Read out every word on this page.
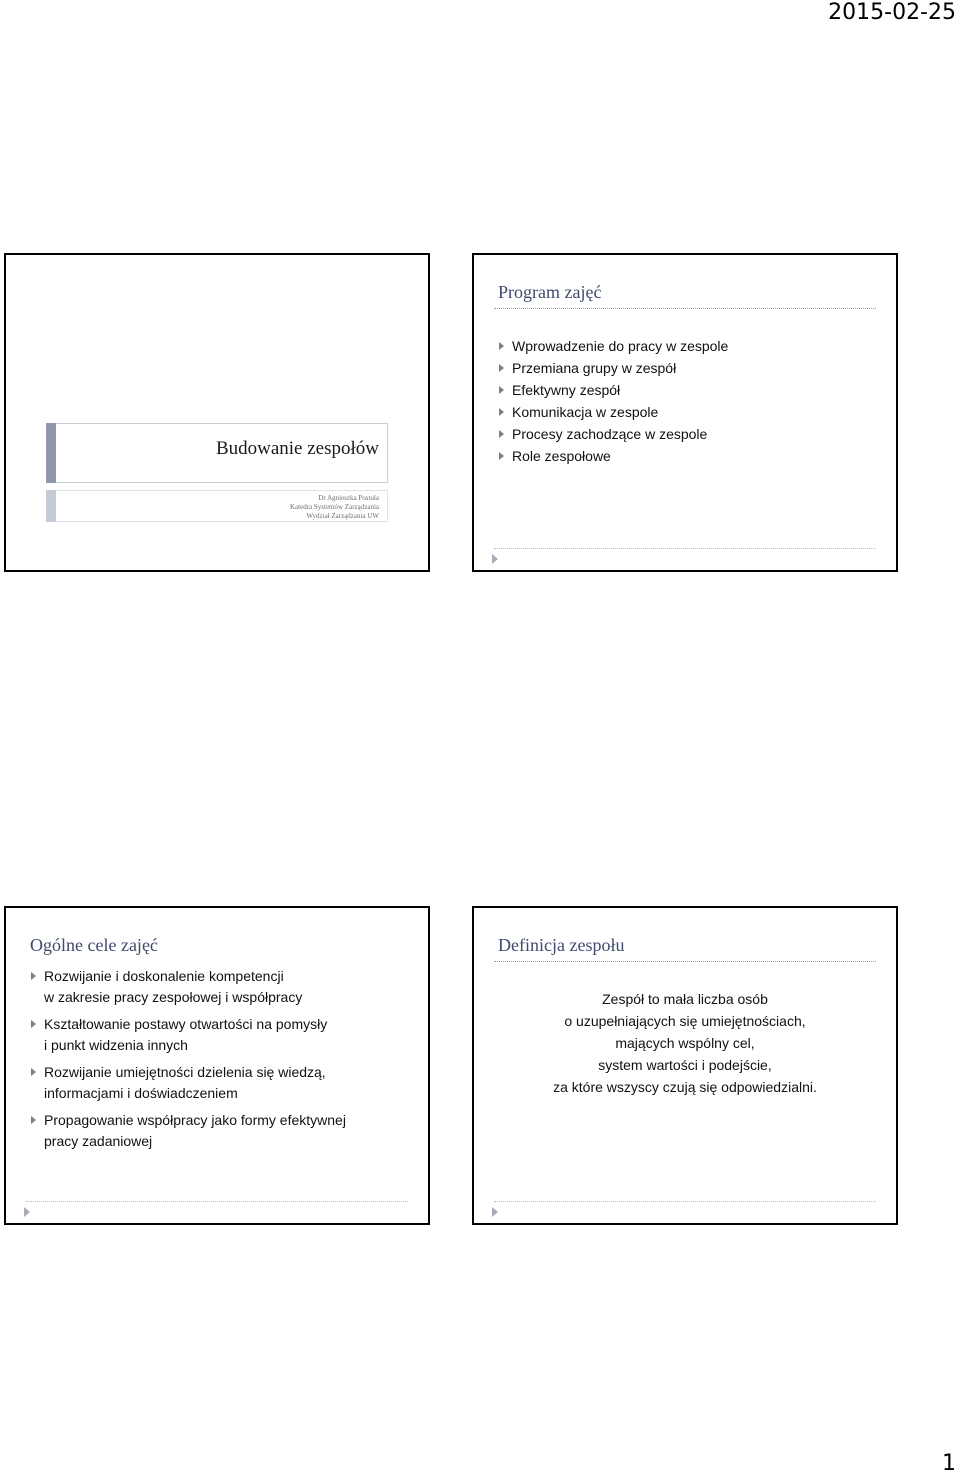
2015-02-25
Budowanie zespołów
Dr Agnieszka Postuła
Katedra Systemów Zarządzania
Wydział Zarządzania UW
Program zajęć
Wprowadzenie do pracy w zespole
Przemiana grupy w zespół
Efektywny zespół
Komunikacja w zespole
Procesy zachodzące w zespole
Role zespołowe
Ogólne cele zajęć
Rozwijanie i doskonalenie kompetencji
w zakresie pracy zespołowej i współpracy
Kształtowanie postawy otwartości na pomysły
i punkt widzenia innych
Rozwijanie umiejętności dzielenia się wiedzą,
informacjami i doświadczeniem
Propagowanie współpracy jako formy efektywnej
pracy zadaniowej
Definicja zespołu
Zespół to mała liczba osób
o uzupełniających się umiejętnościach,
mających wspólny cel,
system wartości i podejście,
za które wszyscy czują się odpowiedzialni.
1
